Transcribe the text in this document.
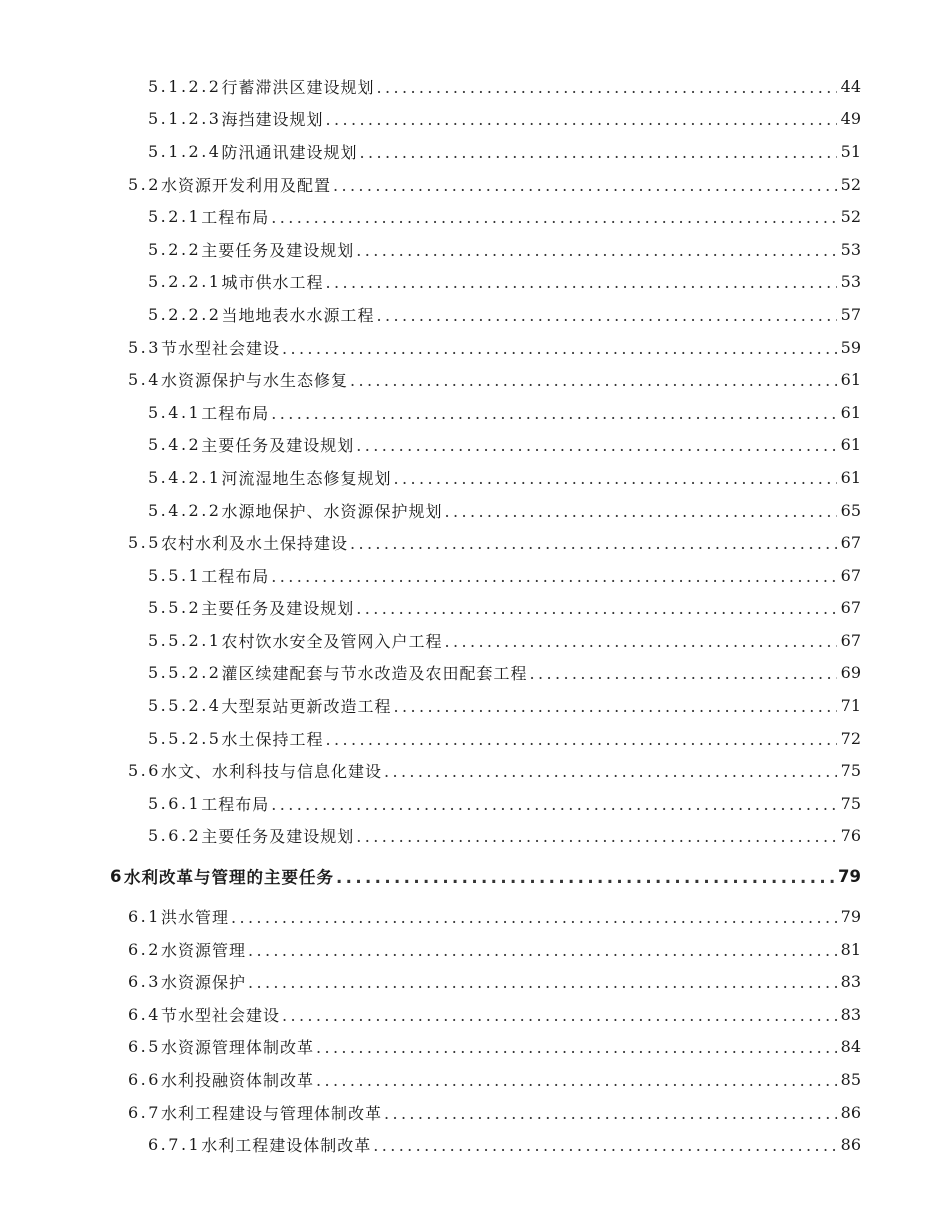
5.1.2.2 行蓄滞洪区建设规划 .....	44
5.1.2.3 海挡建设规划 .....	49
5.1.2.4 防汛通讯建设规划 .....	51
5.2 水资源开发利用及配置 .....	52
5.2.1 工程布局 .....	52
5.2.2 主要任务及建设规划 .....	53
5.2.2.1 城市供水工程 .....	53
5.2.2.2 当地地表水水源工程 .....	57
5.3 节水型社会建设 .....	59
5.4 水资源保护与水生态修复 .....	61
5.4.1 工程布局 .....	61
5.4.2 主要任务及建设规划 .....	61
5.4.2.1 河流湿地生态修复规划 .....	61
5.4.2.2 水源地保护、水资源保护规划 .....	65
5.5 农村水利及水土保持建设 .....	67
5.5.1 工程布局 .....	67
5.5.2 主要任务及建设规划 .....	67
5.5.2.1 农村饮水安全及管网入户工程 .....	67
5.5.2.2 灌区续建配套与节水改造及农田配套工程 .....	69
5.5.2.4 大型泵站更新改造工程 .....	71
5.5.2.5 水土保持工程 .....	72
5.6 水文、水利科技与信息化建设 .....	75
5.6.1 工程布局 .....	75
5.6.2 主要任务及建设规划 .....	76
6 水利改革与管理的主要任务 .....	79
6.1 洪水管理 .....	79
6.2 水资源管理 .....	81
6.3 水资源保护 .....	83
6.4 节水型社会建设 .....	83
6.5 水资源管理体制改革 .....	84
6.6 水利投融资体制改革 .....	85
6.7 水利工程建设与管理体制改革 .....	86
6.7.1 水利工程建设体制改革 .....	86
